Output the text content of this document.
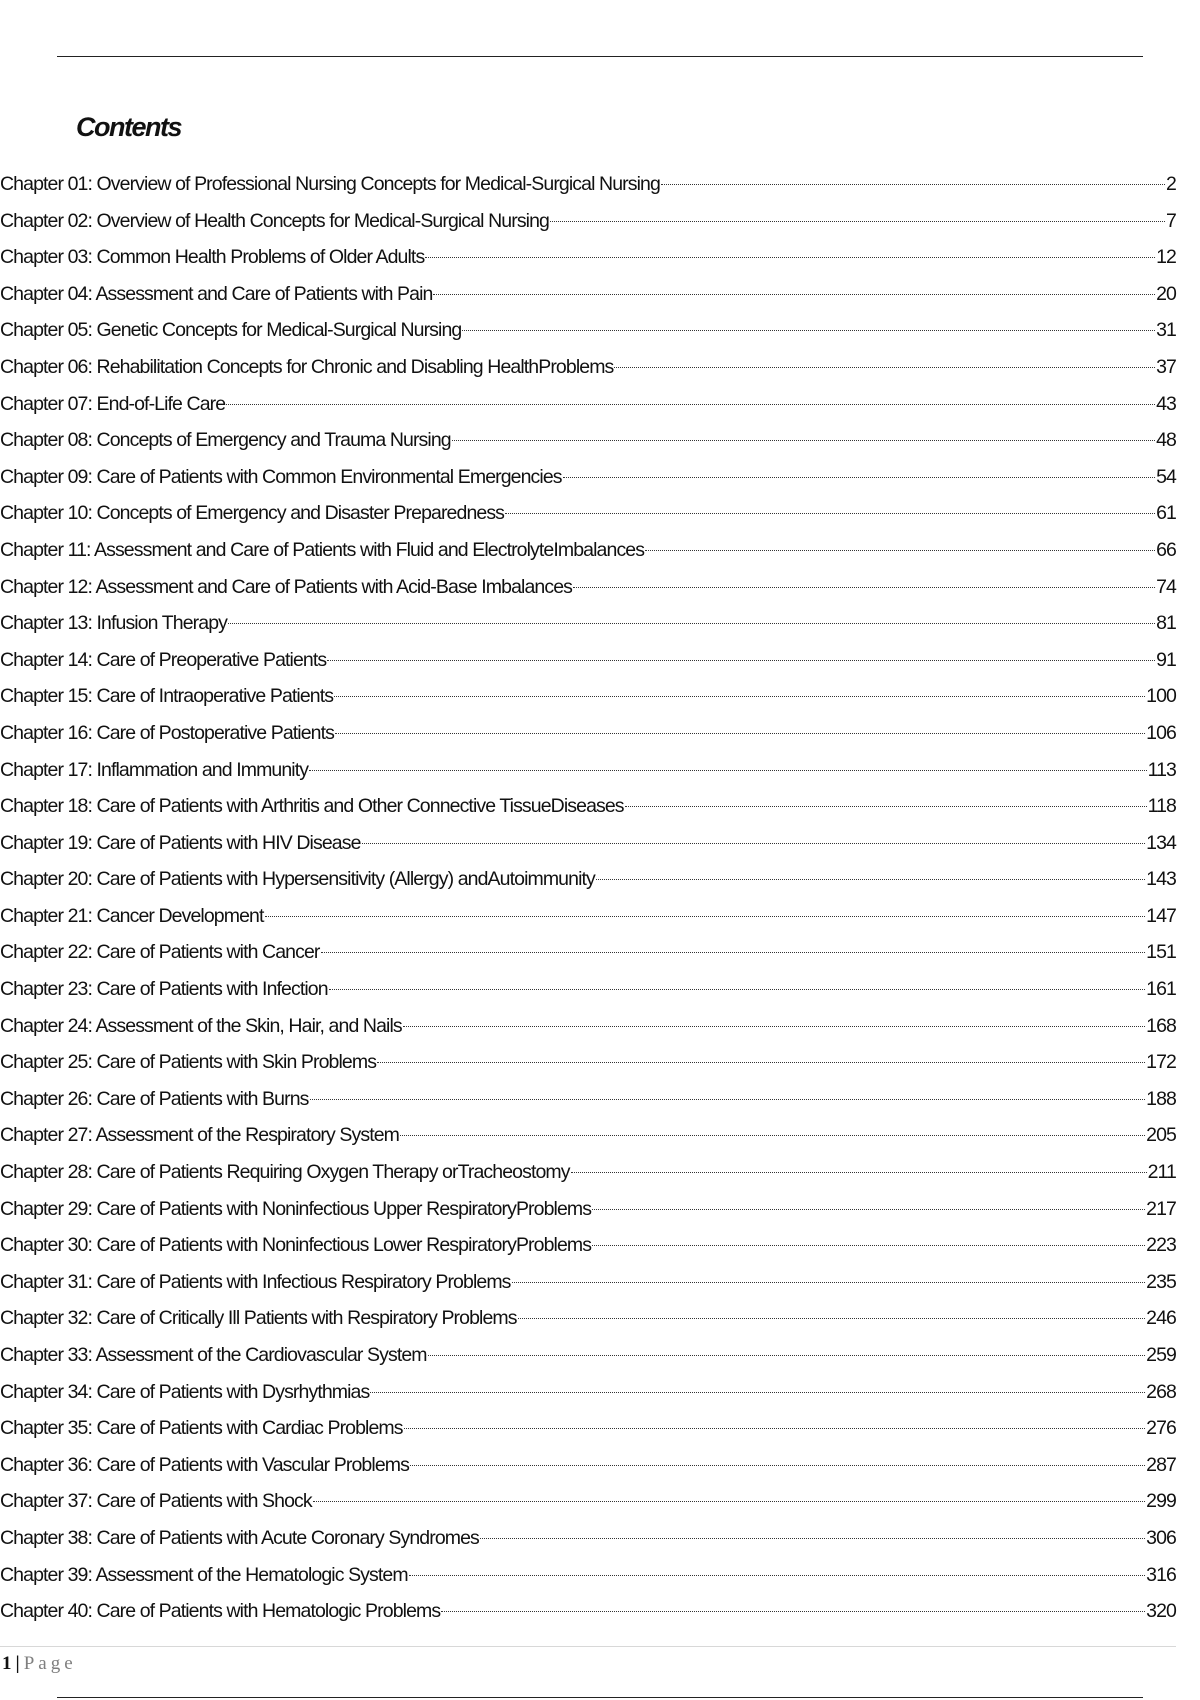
Contents
Chapter 01: Overview of Professional Nursing Concepts for Medical-Surgical Nursing	2
Chapter 02: Overview of Health Concepts for Medical-Surgical Nursing	7
Chapter 03: Common Health Problems of Older Adults	12
Chapter 04: Assessment and Care of Patients with Pain	20
Chapter 05: Genetic Concepts for Medical-Surgical Nursing	31
Chapter 06: Rehabilitation Concepts for Chronic and Disabling HealthProblems	37
Chapter 07: End-of-Life Care	43
Chapter 08: Concepts of Emergency and Trauma Nursing	48
Chapter 09: Care of Patients with Common Environmental Emergencies	54
Chapter 10: Concepts of Emergency and Disaster Preparedness	61
Chapter 11: Assessment and Care of Patients with Fluid and ElectrolyteImbalances	66
Chapter 12: Assessment and Care of Patients with Acid-Base Imbalances	74
Chapter 13: Infusion Therapy	81
Chapter 14: Care of Preoperative Patients	91
Chapter 15: Care of Intraoperative Patients	100
Chapter 16: Care of Postoperative Patients	106
Chapter 17: Inflammation and Immunity	113
Chapter 18: Care of Patients with Arthritis and Other Connective TissueDiseases	118
Chapter 19: Care of Patients with HIV Disease	134
Chapter 20: Care of Patients with Hypersensitivity (Allergy) andAutoimmunity	143
Chapter 21: Cancer Development	147
Chapter 22: Care of Patients with Cancer	151
Chapter 23: Care of Patients with Infection	161
Chapter 24: Assessment of the Skin, Hair, and Nails	168
Chapter 25: Care of Patients with Skin Problems	172
Chapter 26: Care of Patients with Burns	188
Chapter 27: Assessment of the Respiratory System	205
Chapter 28: Care of Patients Requiring Oxygen Therapy orTracheostomy	211
Chapter 29: Care of Patients with Noninfectious Upper RespiratoryProblems	217
Chapter 30: Care of Patients with Noninfectious Lower RespiratoryProblems	223
Chapter 31: Care of Patients with Infectious Respiratory Problems	235
Chapter 32: Care of Critically Ill Patients with Respiratory Problems	246
Chapter 33: Assessment of the Cardiovascular System	259
Chapter 34: Care of Patients with Dysrhythmias	268
Chapter 35: Care of Patients with Cardiac Problems	276
Chapter 36: Care of Patients with Vascular Problems	287
Chapter 37: Care of Patients with Shock	299
Chapter 38: Care of Patients with Acute Coronary Syndromes	306
Chapter 39: Assessment of the Hematologic System	316
Chapter 40: Care of Patients with Hematologic Problems	320
1 | Page
